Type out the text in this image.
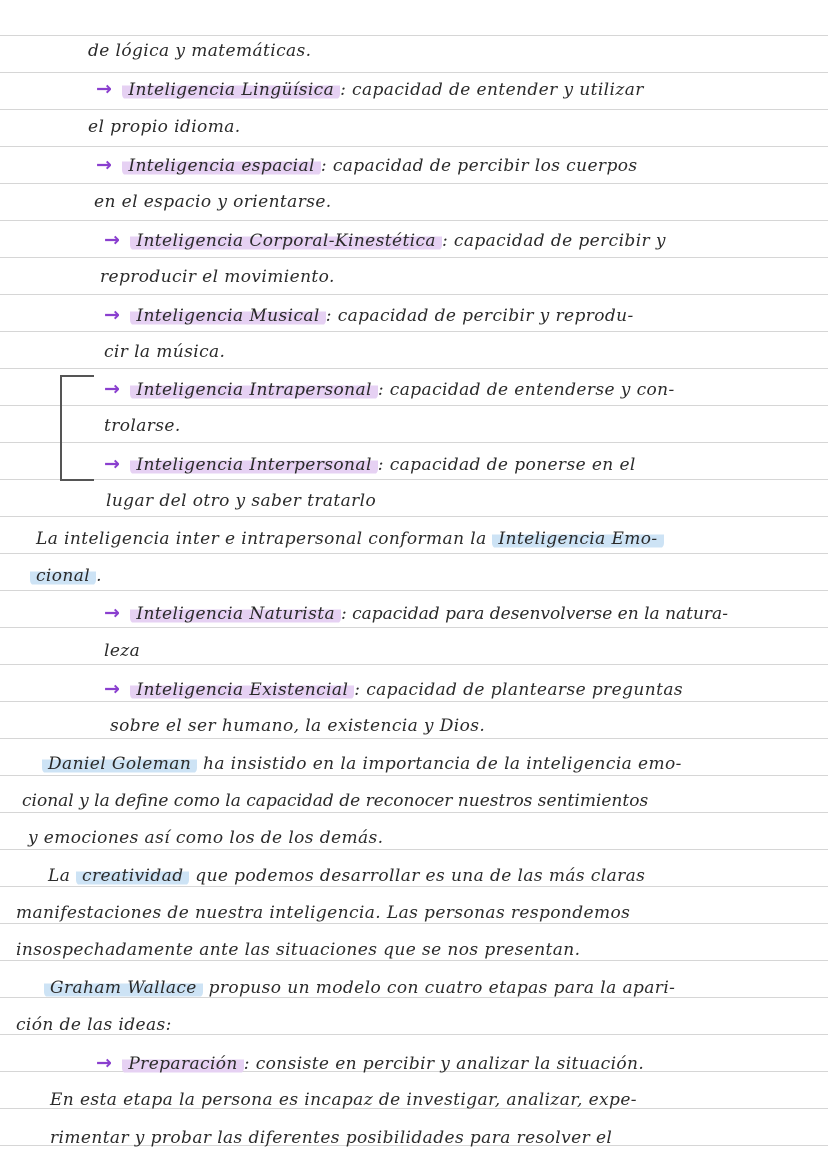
de lógica y matemáticas.
→ Inteligencia Lingüísica : capacidad de entender y utilizar
el propio idioma.
→ Inteligencia espacial : capacidad de percibir los cuerpos
en el espacio y orientarse.
→ Inteligencia Corporal-Kinestética : capacidad de percibir y
reproducir el movimiento.
→ Inteligencia Musical : capacidad de percibir y reprodu-
cir la música.
→ Inteligencia Intrapersonal : capacidad de entenderse y con-
trolarse.
→ Inteligencia Interpersonal : capacidad de ponerse en el
lugar del otro y saber tratarlo
La inteligencia inter e intrapersonal conforman la Inteligencia Emo-
cional .
→ Inteligencia Naturista : capacidad para desenvolverse en la natura-
leza
→ Inteligencia Existencial : capacidad de plantearse preguntas
sobre el ser humano, la existencia y Dios.
Daniel Goleman ha insistido en la importancia de la inteligencia emo-
cional y la define como la capacidad de reconocer nuestros sentimientos
y emociones así como los de los demás.
La creatividad que podemos desarrollar es una de las más claras
manifestaciones de nuestra inteligencia. Las personas respondemos
insospechadamente ante las situaciones que se nos presentan.
Graham Wallace propuso un modelo con cuatro etapas para la apari-
ción de las ideas:
→ Preparación : consiste en percibir y analizar la situación.
En esta etapa la persona es incapaz de investigar, analizar, expe-
rimentar y probar las diferentes posibilidades para resolver el
